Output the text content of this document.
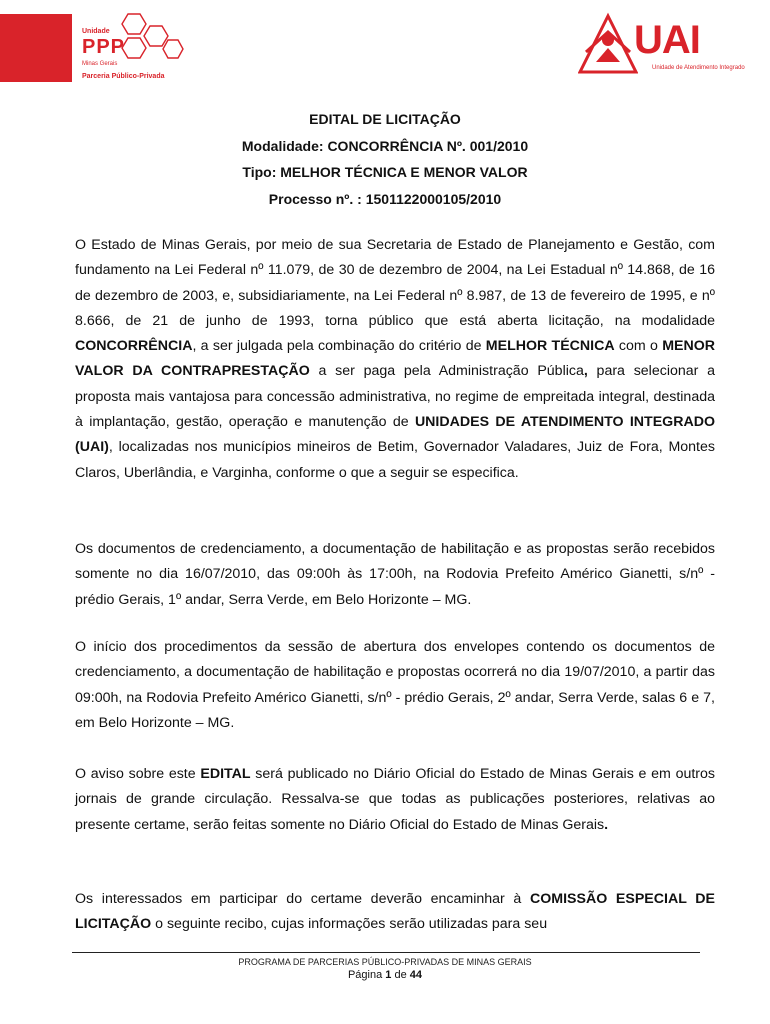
Unidade
PPP
Minas Gerais
Parceria Público-Privada
UAI
Unidade de Atendimento Integrado

EDITAL DE LICITAÇÃO

Modalidade: CONCORRÊNCIA Nº. 001/2010

Tipo: MELHOR TÉCNICA E MENOR VALOR

Processo nº. : 1501122000105/2010

O Estado de Minas Gerais, por meio de sua Secretaria de Estado de Planejamento e Gestão, com fundamento na Lei Federal nº 11.079, de 30 de dezembro de 2004, na Lei Estadual nº 14.868, de 16 de dezembro de 2003, e, subsidiariamente, na Lei Federal nº 8.987, de 13 de fevereiro de 1995, e nº 8.666, de 21 de junho de 1993, torna público que está aberta licitação, na modalidade CONCORRÊNCIA, a ser julgada pela combinação do critério de MELHOR TÉCNICA com o MENOR VALOR DA CONTRAPRESTAÇÃO a ser paga pela Administração Pública, para selecionar a proposta mais vantajosa para concessão administrativa, no regime de empreitada integral, destinada à implantação, gestão, operação e manutenção de UNIDADES DE ATENDIMENTO INTEGRADO (UAI), localizadas nos municípios mineiros de Betim, Governador Valadares, Juiz de Fora, Montes Claros, Uberlândia, e Varginha, conforme o que a seguir se especifica.

Os documentos de credenciamento, a documentação de habilitação e as propostas serão recebidos somente no dia 16/07/2010, das 09:00h às 17:00h, na Rodovia Prefeito Américo Gianetti, s/nº - prédio Gerais, 1º andar, Serra Verde, em Belo Horizonte – MG.

O início dos procedimentos da sessão de abertura dos envelopes contendo os documentos de credenciamento, a documentação de habilitação e propostas ocorrerá no dia 19/07/2010, a partir das 09:00h, na Rodovia Prefeito Américo Gianetti, s/nº - prédio Gerais, 2º andar, Serra Verde, salas 6 e 7, em Belo Horizonte – MG.

O aviso sobre este EDITAL será publicado no Diário Oficial do Estado de Minas Gerais e em outros jornais de grande circulação. Ressalva-se que todas as publicações posteriores, relativas ao presente certame, serão feitas somente no Diário Oficial do Estado de Minas Gerais.

Os interessados em participar do certame deverão encaminhar à COMISSÃO ESPECIAL DE LICITAÇÃO o seguinte recibo, cujas informações serão utilizadas para seu

PROGRAMA DE PARCERIAS PÚBLICO-PRIVADAS DE MINAS GERAIS
Página 1 de 44
